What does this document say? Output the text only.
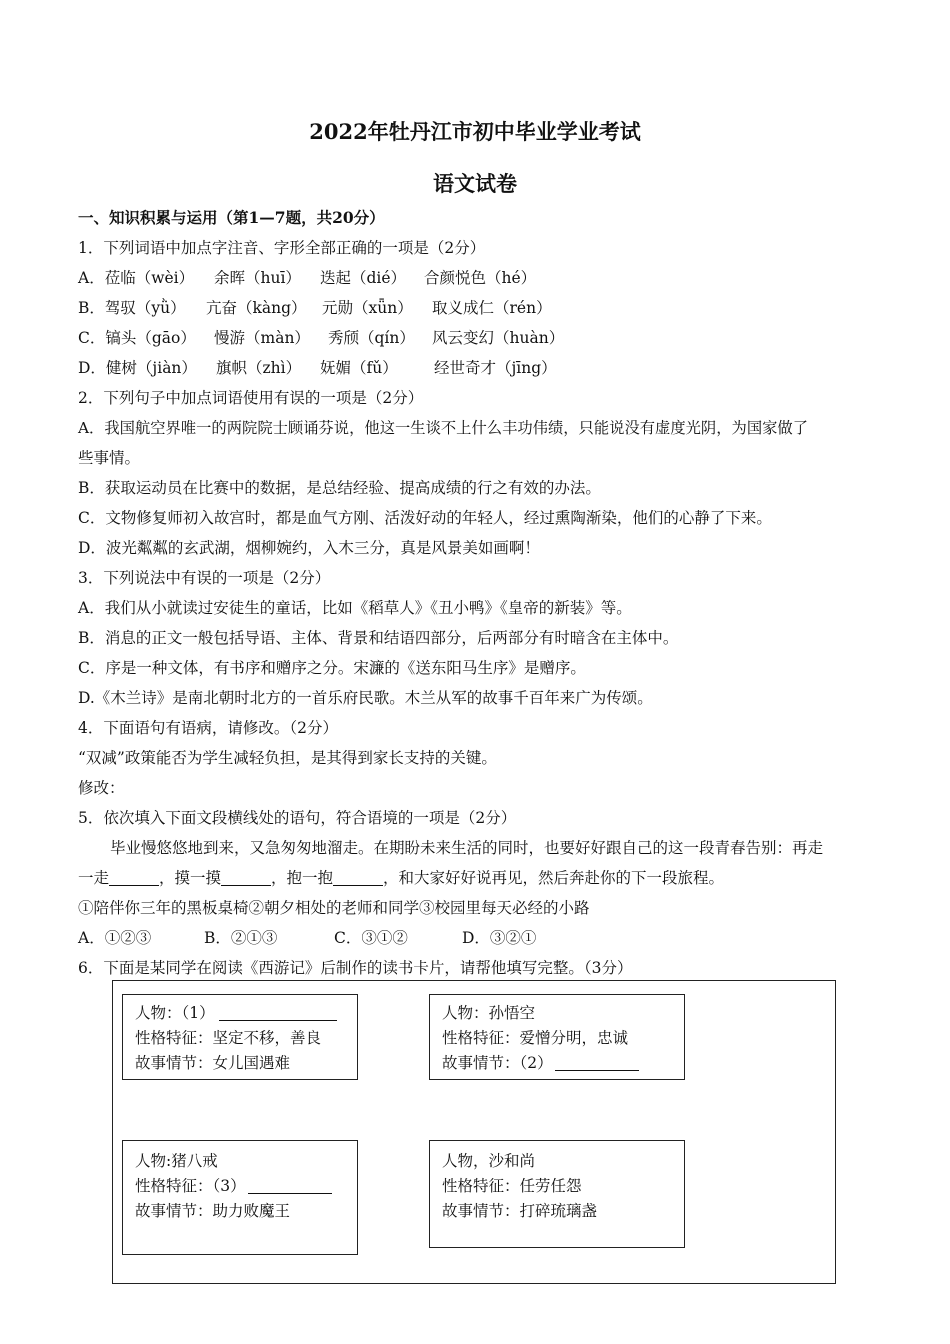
2022年牡丹江市初中毕业学业考试
语文试卷
一、知识积累与运用（第1—7题，共20分）
1．下列词语中加点字注音、字形全部正确的一项是（2分）
A．莅临（wèi） 余晖（huī） 迭起（dié） 合颜悦色（hé）
B．驾驭（yǜ） 亢奋（kàng） 元勋（xǖn） 取义成仁（rén）
C．镐头（gāo） 慢游（màn） 秀颀（qín） 风云变幻（huàn）
D．健树（jiàn） 旗帜（zhì） 妩媚（fǔ） 经世奇才（jīng）
2．下列句子中加点词语使用有误的一项是（2分）
A．我国航空界唯一的两院院士顾诵芬说，他这一生谈不上什么丰功伟绩，只能说没有虚度光阴，为国家做了
些事情。
B．获取运动员在比赛中的数据，是总结经验、提高成绩的行之有效的办法。
C．文物修复师初入故宫时，都是血气方刚、活泼好动的年轻人，经过熏陶渐染，他们的心静了下来。
D．波光粼粼的玄武湖，烟柳婉约，入木三分，真是风景美如画啊！
3．下列说法中有误的一项是（2分）
A．我们从小就读过安徒生的童话，比如《稻草人》《丑小鸭》《皇帝的新装》等。
B．消息的正文一般包括导语、主体、背景和结语四部分，后两部分有时暗含在主体中。
C．序是一种文体，有书序和赠序之分。宋濂的《送东阳马生序》是赠序。
D.《木兰诗》是南北朝时北方的一首乐府民歌。木兰从军的故事千百年来广为传颂。
4．下面语句有语病，请修改。（2分）
“双减”政策能否为学生减轻负担，是其得到家长支持的关键。
修改：
5．依次填入下面文段横线处的语句，符合语境的一项是（2分）
毕业慢悠悠地到来，又急匆匆地溜走。在期盼未来生活的同时，也要好好跟自己的这一段青春告别：再走
一走	，摸一摸	，抱一抱	，和大家好好说再见，然后奔赴你的下一段旅程。
①陪伴你三年的黑板桌椅②朝夕相处的老师和同学③校园里每天必经的小路
A．①②③	B．②①③	C．③①②	D．③②①
6．下面是某同学在阅读《西游记》后制作的读书卡片，请帮他填写完整。（3分）
人物：（1）
性格特征：坚定不移，善良
故事情节：女儿国遇难
人物：孙悟空
性格特征：爱憎分明，忠诚
故事情节：（2）
人物:猪八戒
性格特征：（3）
故事情节：助力败魔王
人物，沙和尚
性格特征：任劳任怨
故事情节：打碎琉璃盏
